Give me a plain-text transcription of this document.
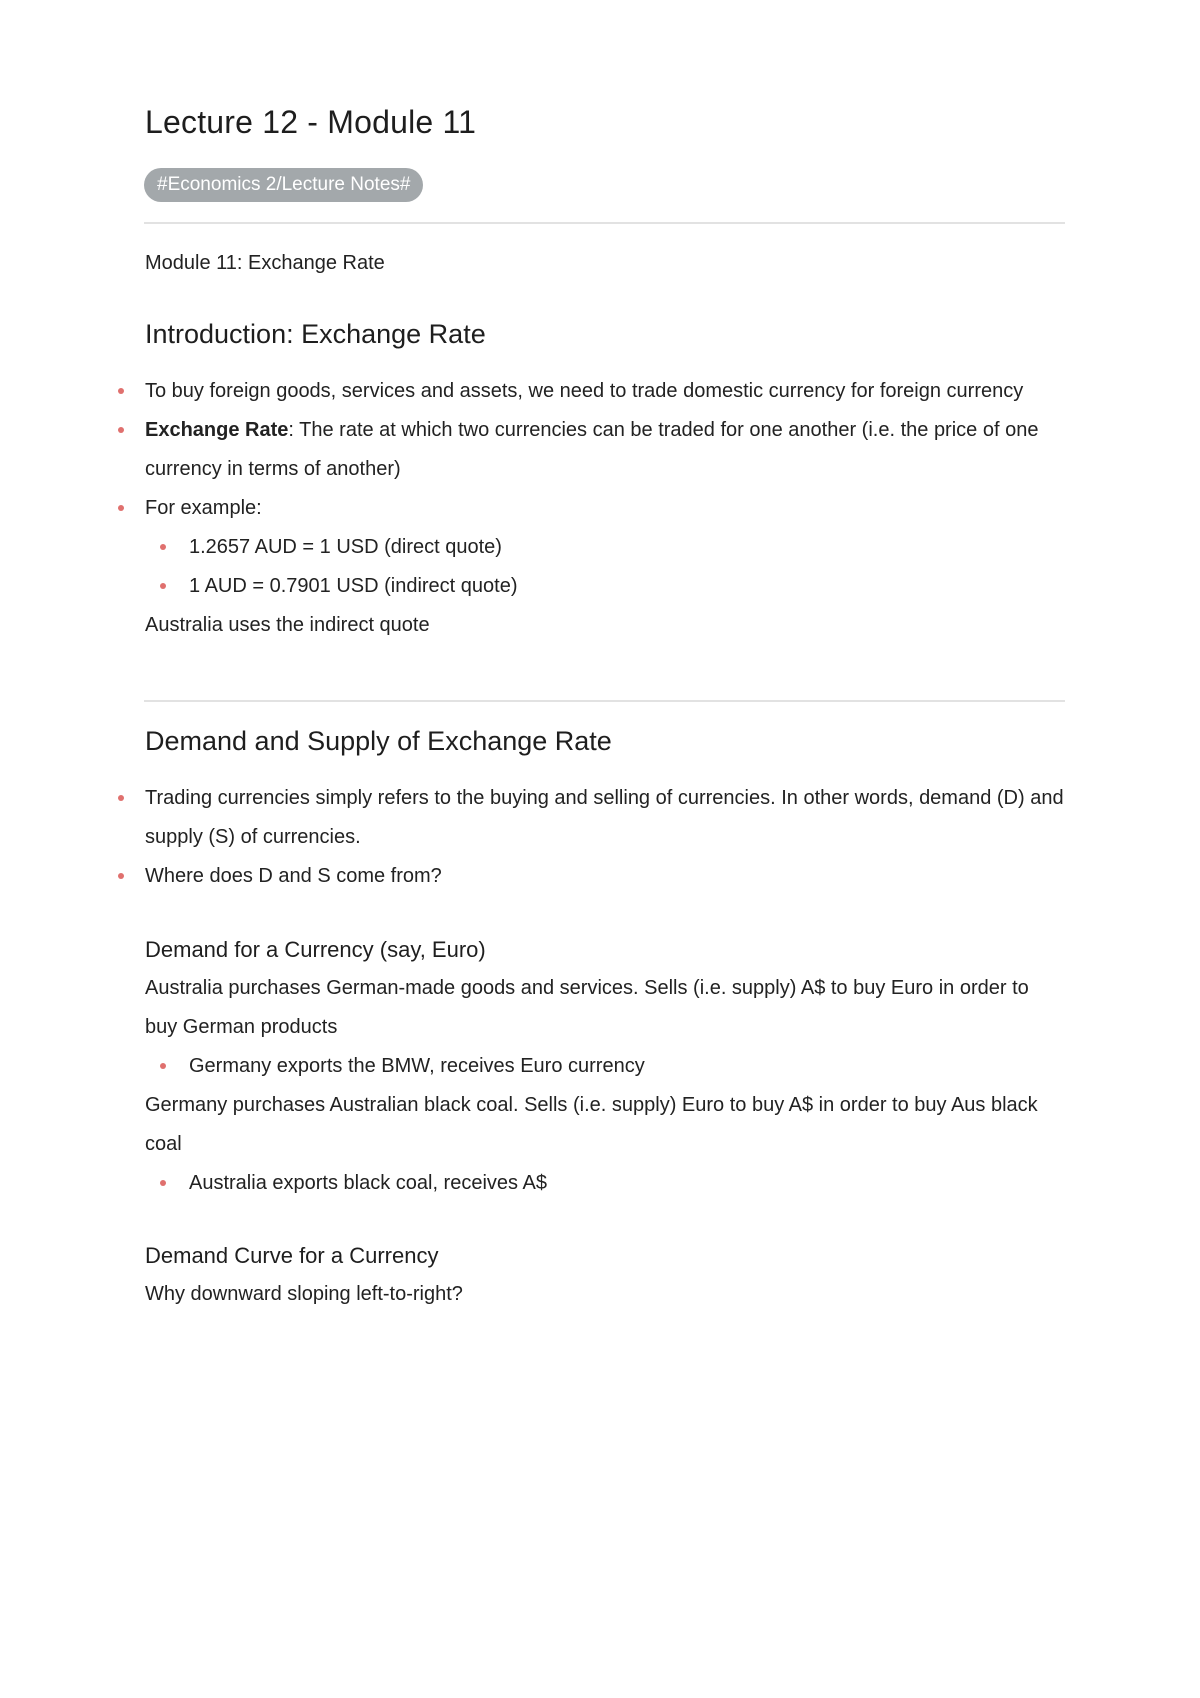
Lecture 12 - Module 11
#Economics 2/Lecture Notes#

Module 11: Exchange Rate

Introduction: Exchange Rate
To buy foreign goods, services and assets, we need to trade domestic currency for foreign currency
Exchange Rate: The rate at which two currencies can be traded for one another (i.e. the price of one currency in terms of another)
For example:
1.2657 AUD = 1 USD (direct quote)
1 AUD = 0.7901 USD (indirect quote)

Australia uses the indirect quote

Demand and Supply of Exchange Rate
Trading currencies simply refers to the buying and selling of currencies. In other words, demand (D) and supply (S) of currencies.
Where does D and S come from?
Demand for a Currency (say, Euro)

Australia purchases German-made goods and services. Sells (i.e. supply) A$ to buy Euro in order to buy German products

Germany exports the BMW, receives Euro currency

Germany purchases Australian black coal. Sells (i.e. supply) Euro to buy A$ in order to buy Aus black coal

Australia exports black coal, receives A$
Demand Curve for a Currency

Why downward sloping left-to-right?
